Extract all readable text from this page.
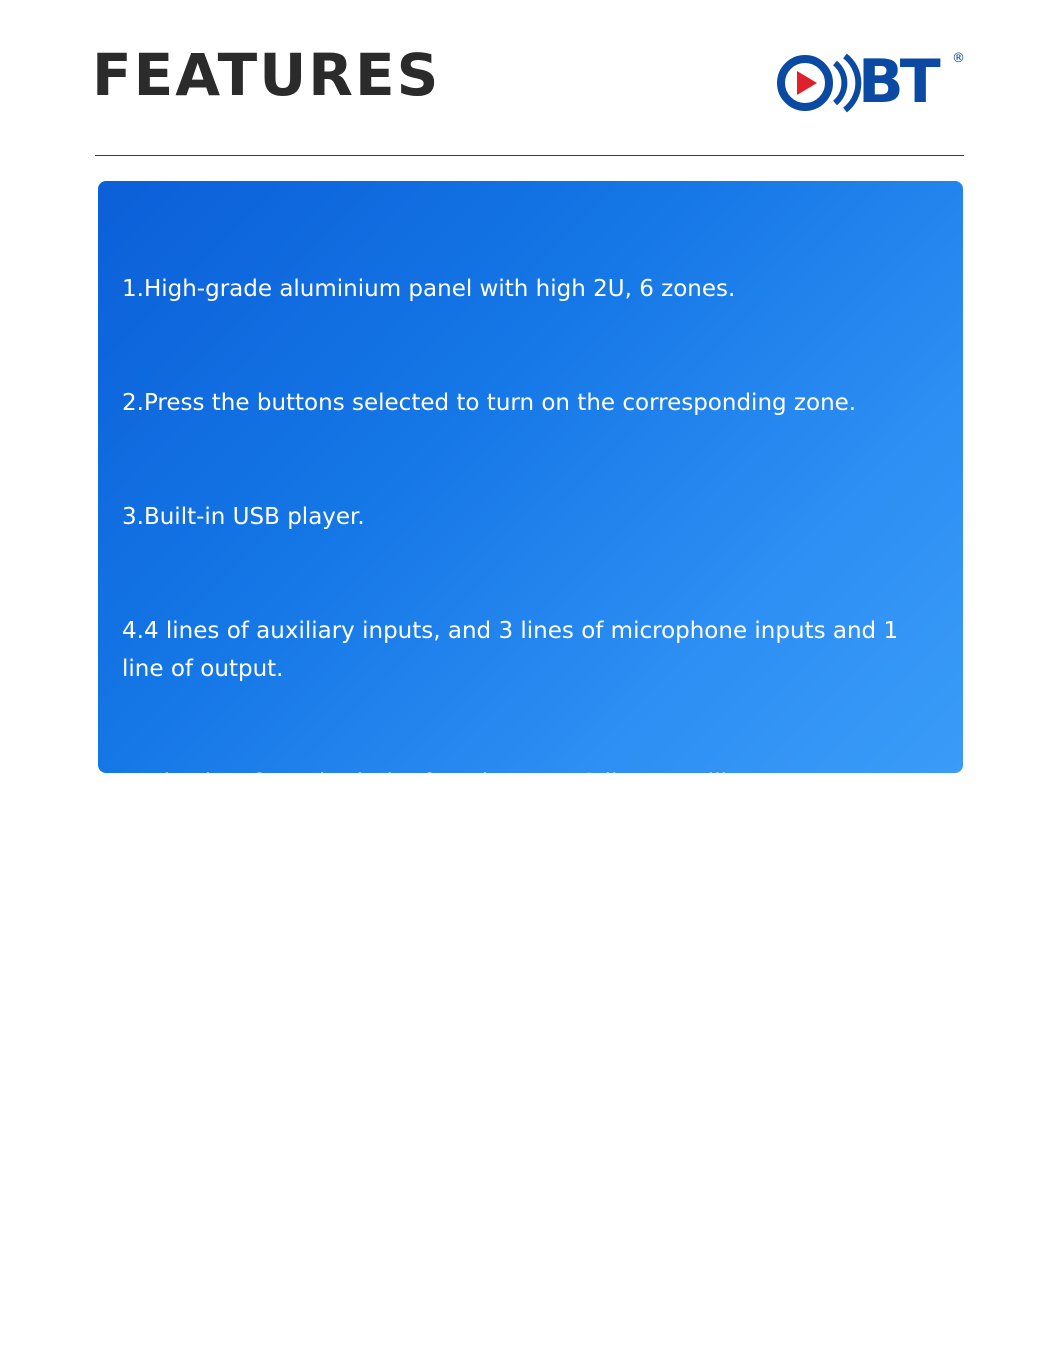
FEATURES	BT ®

1.High-grade aluminium panel with high 2U, 6 zones.

2.Press the buttons selected to turn on the corresponding zone.

3.Built-in USB player.

4.4 lines of auxiliary inputs, and 3 lines of microphone inputs and 1 line of output.

5.Mic1 has forced priority function over 2 lines auxiliary.

6.Built-in  alarm audio PCBA and chime can be used in an emergency.

7.With automatic detecting function, protected against short-circuit, overheating and speaker overload. It has  led indicating protection and buzzer alarm.

8.It is easy to use and maintain.  Output Power 90W/150W/250W/350W/450W/550W/650W (optional) at 100V, 70V, 4-16 Ohm .
